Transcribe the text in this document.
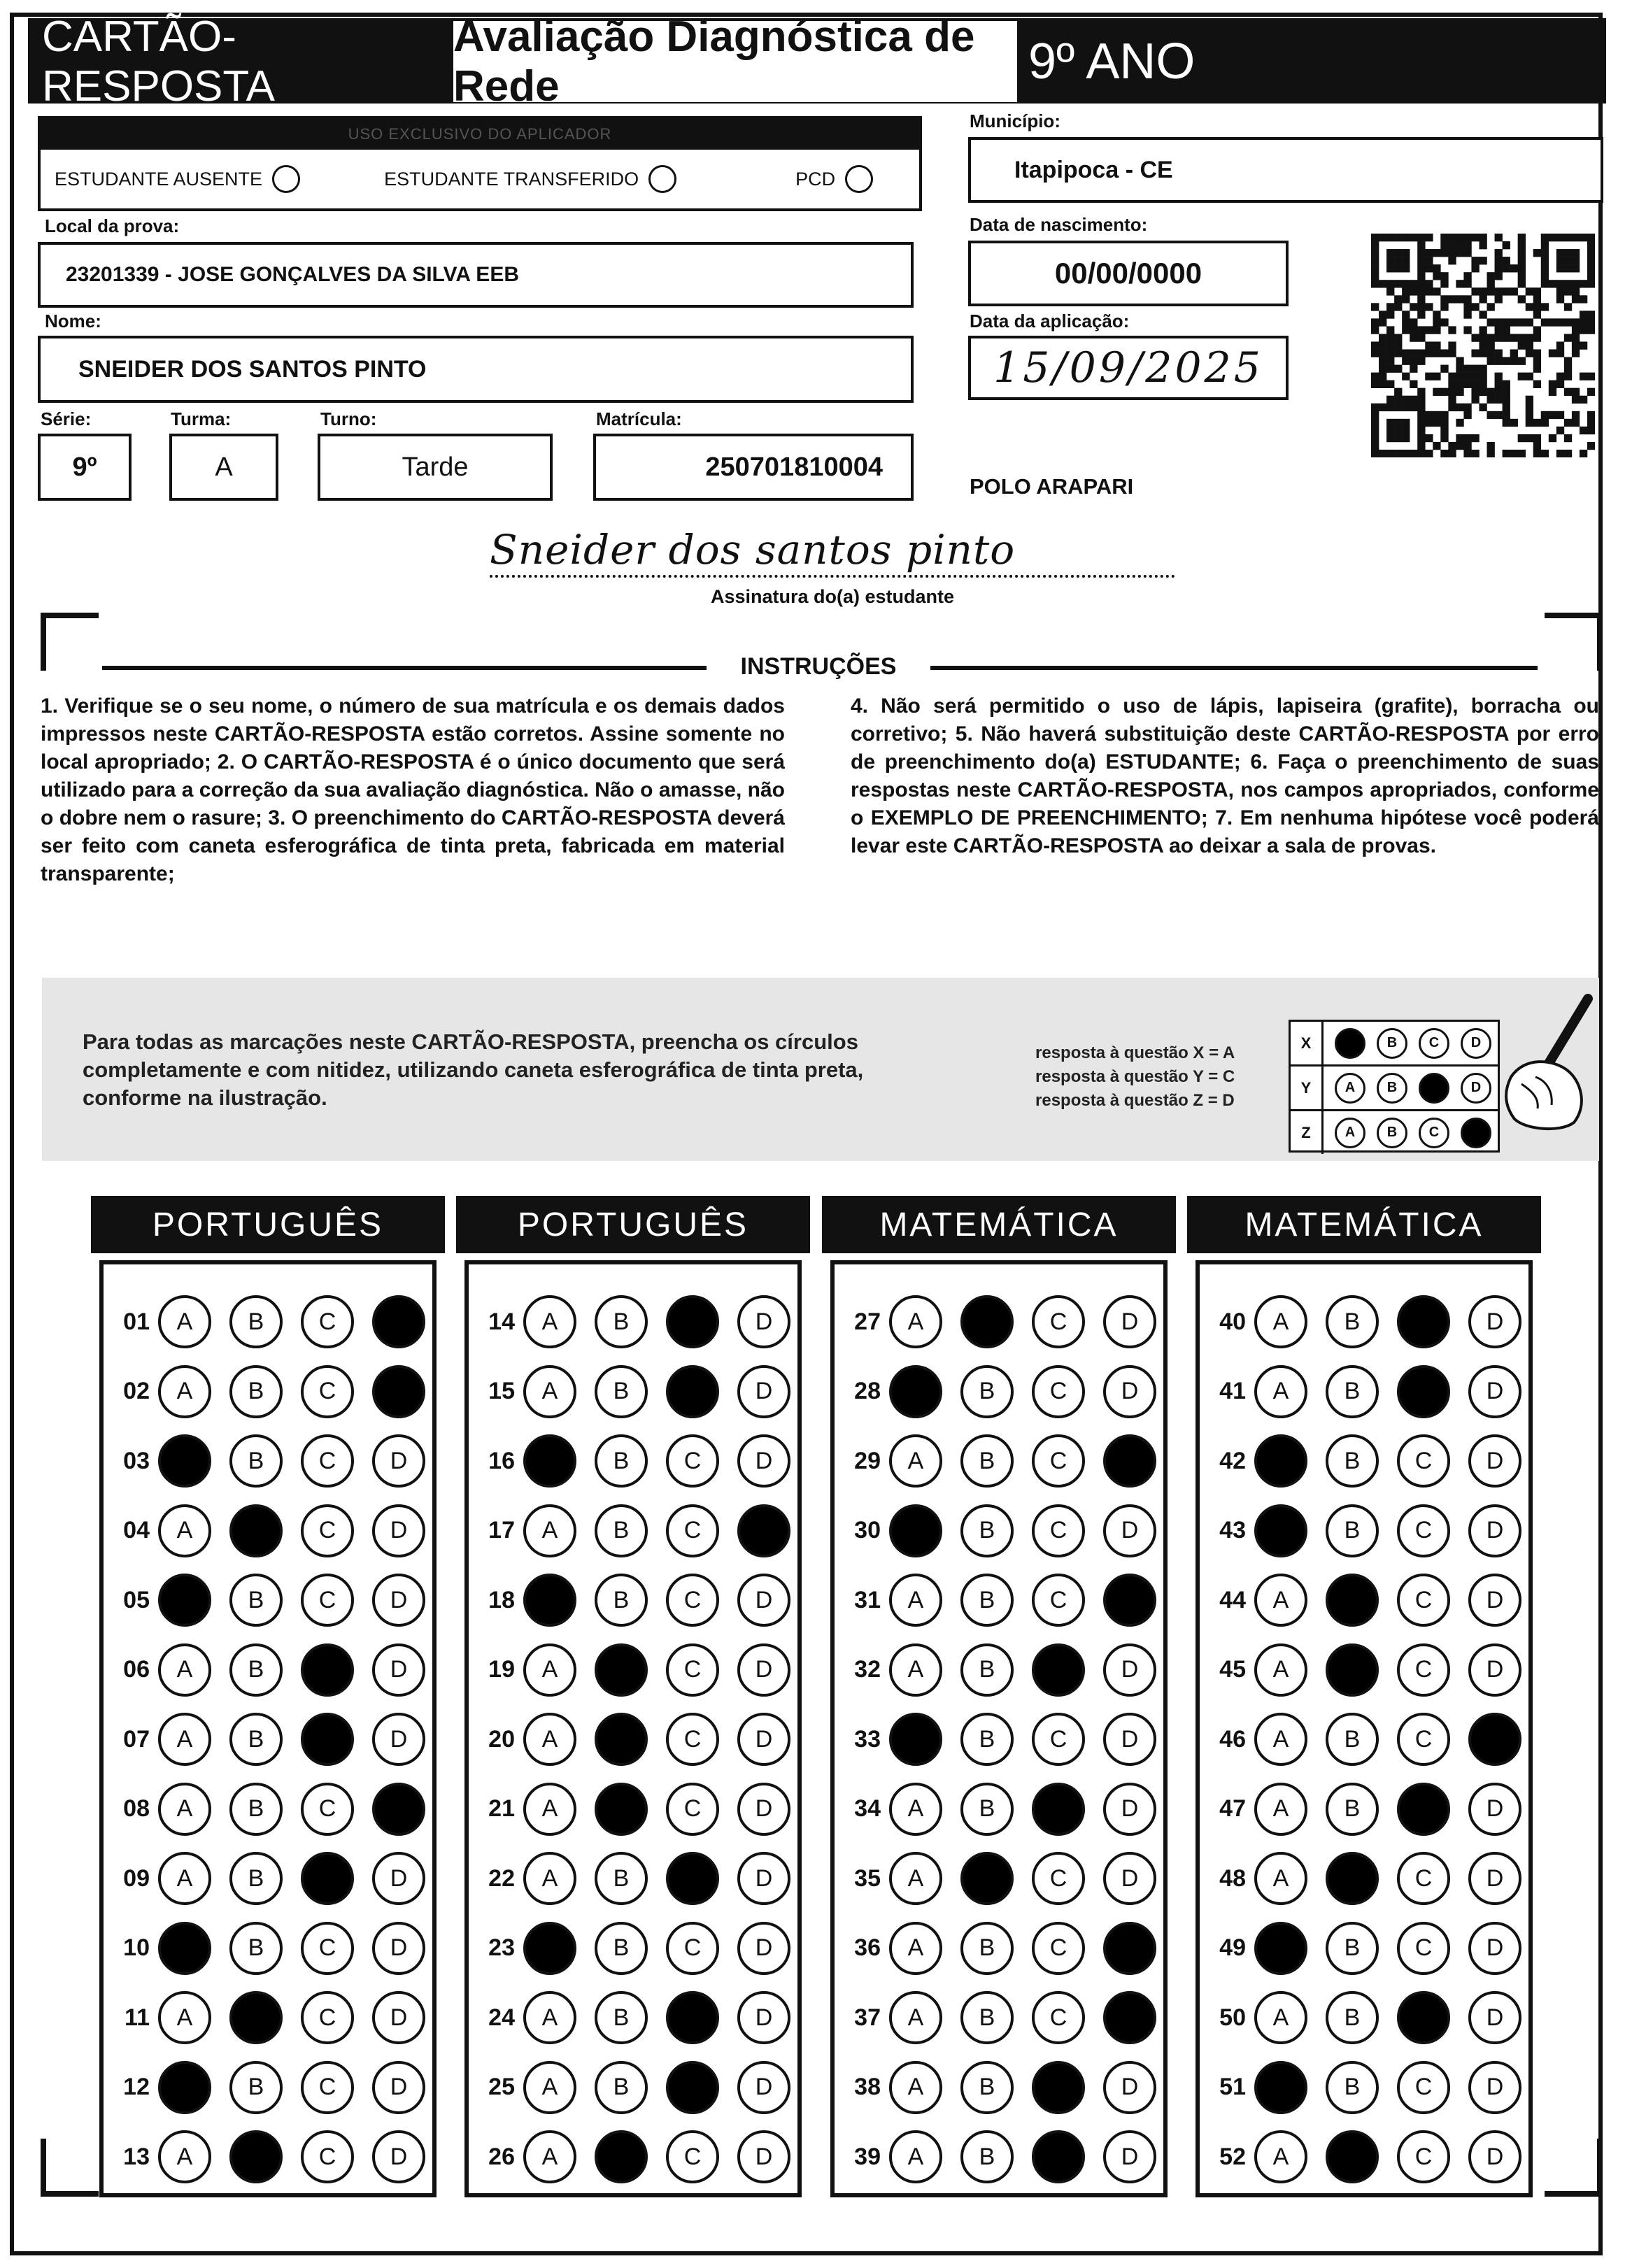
CARTÃO-RESPOSTA
Avaliação Diagnóstica de Rede	9º ANO
USO EXCLUSIVO DO APLICADOR
ESTUDANTE AUSENTE	ESTUDANTE TRANSFERIDO	PCD
Município:
Itapipoca - CE
Local da prova:
23201339 - JOSE GONÇALVES DA SILVA EEB
Data de nascimento:
00/00/0000
Nome:
SNEIDER DOS SANTOS PINTO
Data da aplicação:
15/09/2025
Série:
9º
Turma:
A
Turno:
Tarde
Matrícula:
250701810004
POLO ARAPARI
Sneider dos santos pinto
Assinatura do(a) estudante
INSTRUÇÕES
1. Verifique se o seu nome, o número de sua matrícula e os demais dados impressos neste CARTÃO-RESPOSTA estão corretos. Assine somente no local apropriado; 2. O CARTÃO-RESPOSTA é o único documento que será utilizado para a correção da sua avaliação diagnóstica. Não o amasse, não o dobre nem o rasure; 3. O preenchimento do CARTÃO-RESPOSTA deverá ser feito com caneta esferográfica de tinta preta, fabricada em material transparente;
4. Não será permitido o uso de lápis, lapiseira (grafite), borracha ou corretivo; 5. Não haverá substituição deste CARTÃO-RESPOSTA por erro de preenchimento do(a) ESTUDANTE; 6. Faça o preenchimento de suas respostas neste CARTÃO-RESPOSTA, nos campos apropriados, conforme o EXEMPLO DE PREENCHIMENTO; 7. Em nenhuma hipótese você poderá levar este CARTÃO-RESPOSTA ao deixar a sala de provas.
Para todas as marcações neste CARTÃO-RESPOSTA, preencha os círculos completamente e com nitidez, utilizando caneta esferográfica de tinta preta, conforme na ilustração.
resposta à questão X = A
resposta à questão Y = C
resposta à questão Z = D
X	A	B	C	D
Y	A	B	C	D
Z	A	B	C	D
PORTUGUÊS
01	A	B	C	D
02	A	B	C	D
03	A	B	C	D
04	A	B	C	D
05	A	B	C	D
06	A	B	C	D
07	A	B	C	D
08	A	B	C	D
09	A	B	C	D
10	A	B	C	D
11	A	B	C	D
12	A	B	C	D
13	A	B	C	D
PORTUGUÊS
14	A	B	C	D
15	A	B	C	D
16	A	B	C	D
17	A	B	C	D
18	A	B	C	D
19	A	B	C	D
20	A	B	C	D
21	A	B	C	D
22	A	B	C	D
23	A	B	C	D
24	A	B	C	D
25	A	B	C	D
26	A	B	C	D
MATEMÁTICA
27	A	B	C	D
28	A	B	C	D
29	A	B	C	D
30	A	B	C	D
31	A	B	C	D
32	A	B	C	D
33	A	B	C	D
34	A	B	C	D
35	A	B	C	D
36	A	B	C	D
37	A	B	C	D
38	A	B	C	D
39	A	B	C	D
MATEMÁTICA
40	A	B	C	D
41	A	B	C	D
42	A	B	C	D
43	A	B	C	D
44	A	B	C	D
45	A	B	C	D
46	A	B	C	D
47	A	B	C	D
48	A	B	C	D
49	A	B	C	D
50	A	B	C	D
51	A	B	C	D
52	A	B	C	D
